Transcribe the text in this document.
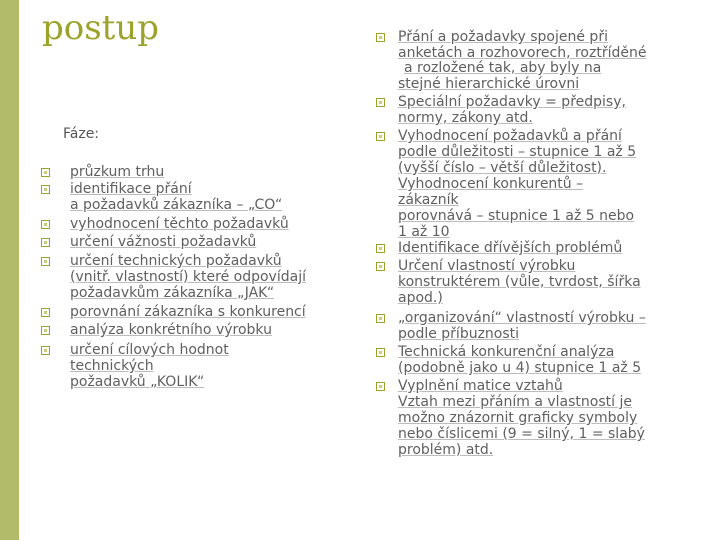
postup
Fáze:
průzkum trhu
identifikace přání
a požadavků zákazníka – „CO“
vyhodnocení těchto požadavků
určení vážnosti požadavků
určení technických požadavků
(vnitř. vlastností) které odpovídají
požadavkům zákazníka „JAK“
porovnání zákazníka s konkurencí
analýza konkrétního výrobku
určení cílových hodnot
technických
požadavků „KOLIK“
Přání a požadavky spojené při
anketách a rozhovorech, roztříděné
a rozložené tak, aby byly na
stejné hierarchické úrovni
Speciální požadavky = předpisy,
normy, zákony atd.
Vyhodnocení požadavků a přání
podle důležitosti – stupnice 1 až 5
(vyšší číslo – větší důležitost).
Vyhodnocení konkurentů –
zákazník
porovnává – stupnice 1 až 5 nebo
1 až 10
Identifikace dřívějších problémů
Určení vlastností výrobku
konstruktérem (vůle, tvrdost, šířka
apod.)
„organizování“ vlastností výrobku –
podle příbuznosti
Technická konkurenční analýza
(podobně jako u 4) stupnice 1 až 5
Vyplnění matice vztahů
Vztah mezi přáním a vlastností je
možno znázornit graficky symboly
nebo číslicemi (9 = silný, 1 = slabý
problém) atd.
